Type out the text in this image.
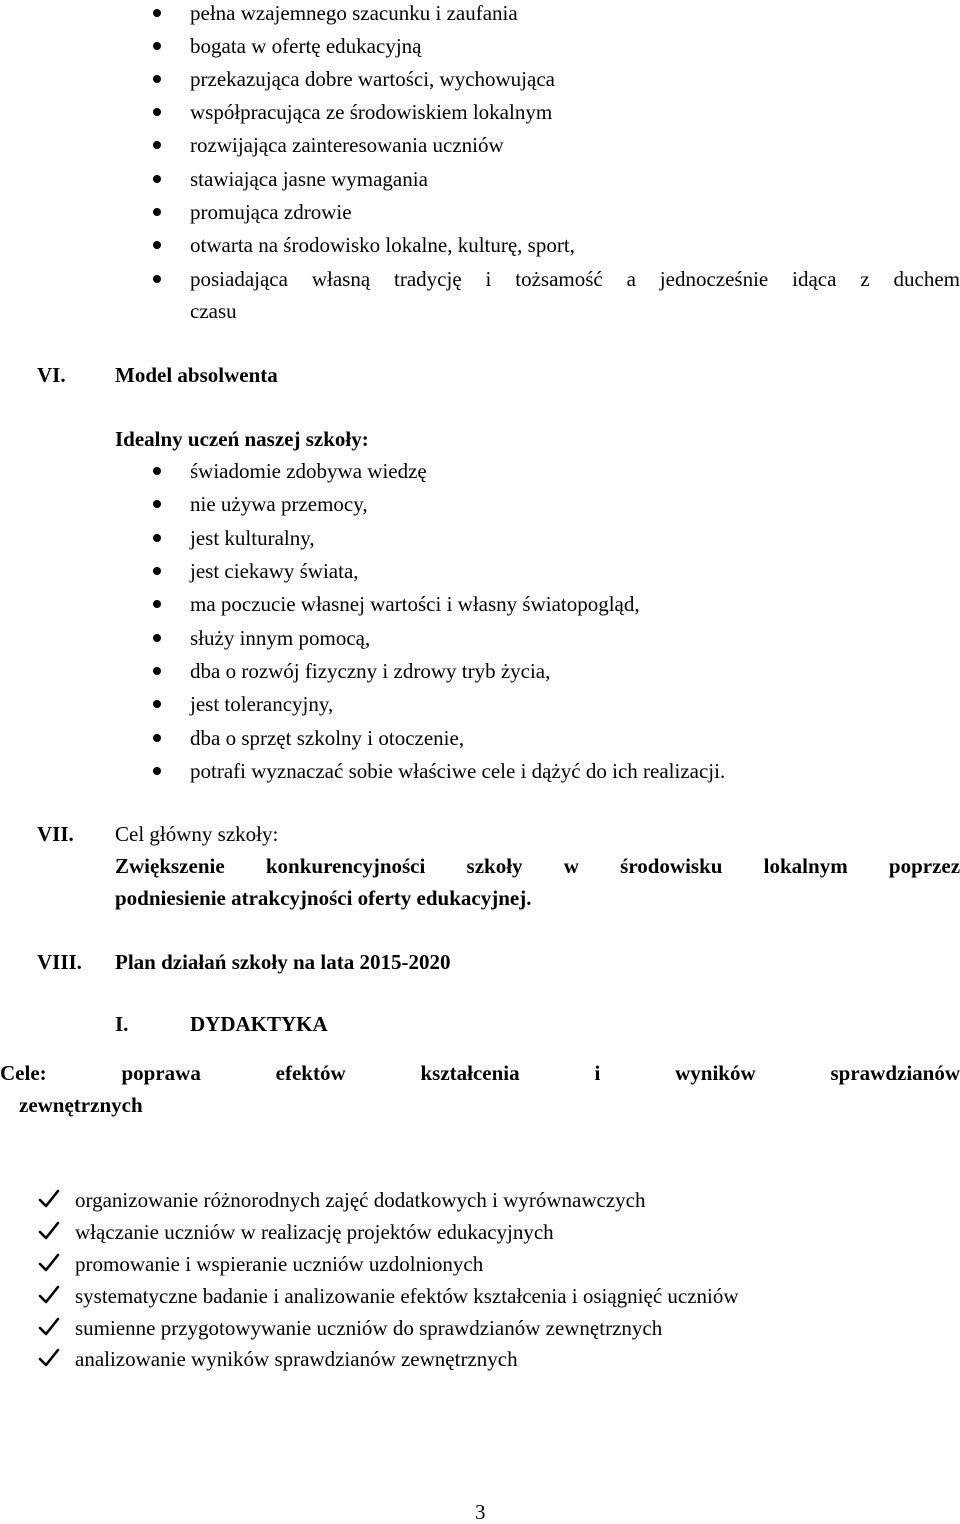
pełna wzajemnego szacunku i zaufania
bogata w ofertę edukacyjną
przekazująca dobre wartości, wychowująca
współpracująca ze środowiskiem lokalnym
rozwijająca zainteresowania uczniów
stawiająca jasne wymagania
promująca zdrowie
otwarta na środowisko lokalne, kulturę, sport,
posiadająca własną tradycję i tożsamość a jednocześnie idąca z duchem
czasu
VI. Model absolwenta
Idealny uczeń naszej szkoły:
świadomie zdobywa wiedzę
nie używa przemocy,
jest kulturalny,
jest ciekawy świata,
ma poczucie własnej wartości i własny światopogląd,
służy innym pomocą,
dba o rozwój fizyczny i zdrowy tryb życia,
jest tolerancyjny,
dba o sprzęt szkolny i otoczenie,
potrafi wyznaczać sobie właściwe cele i dążyć do ich realizacji.
VII. Cel główny szkoły:
Zwiększenie konkurencyjności szkoły w środowisku lokalnym poprzez
podniesienie atrakcyjności oferty edukacyjnej.
VIII. Plan działań szkoły na lata 2015-2020
I.	DYDAKTYKA
Cele:	poprawa	efektów	kształcenia	i	wyników	sprawdzianów
zewnętrznych
organizowanie różnorodnych zajęć dodatkowych i wyrównawczych
włączanie uczniów w realizację projektów edukacyjnych
promowanie i wspieranie uczniów uzdolnionych
systematyczne badanie i analizowanie efektów kształcenia i osiągnięć uczniów
sumienne przygotowywanie uczniów do sprawdzianów zewnętrznych
analizowanie wyników sprawdzianów zewnętrznych
3
